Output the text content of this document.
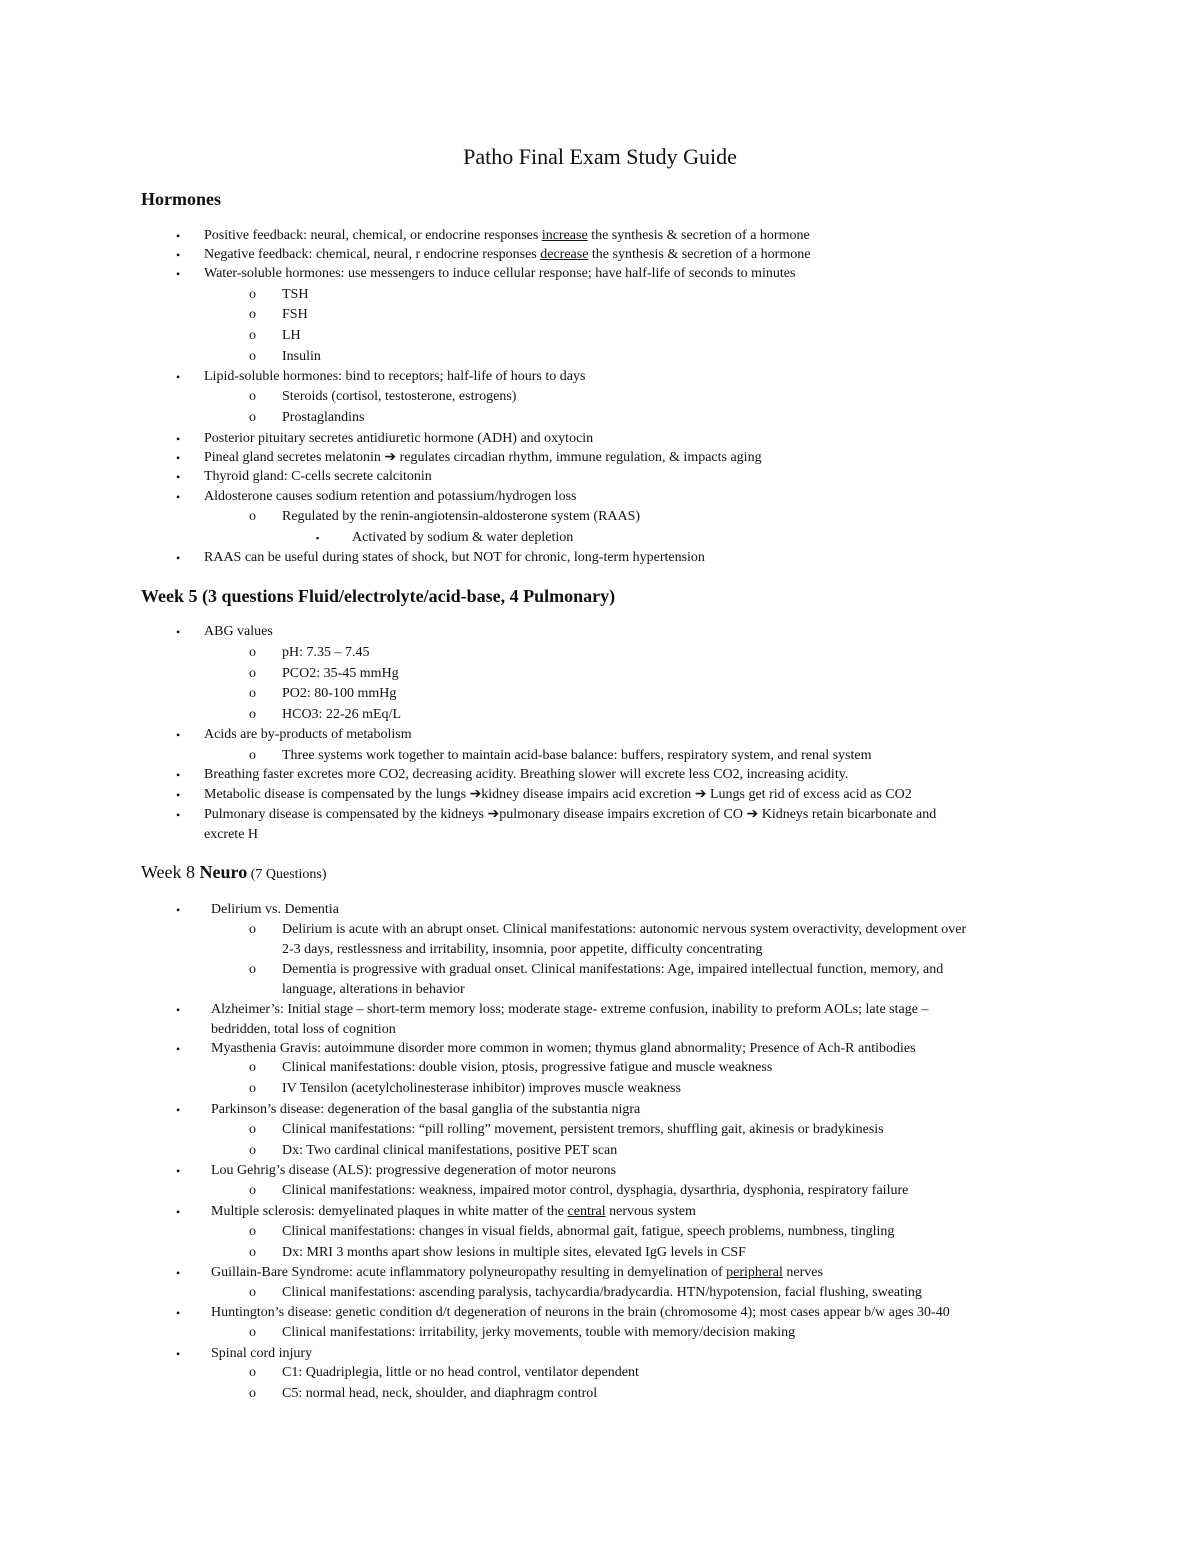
Patho Final Exam Study Guide
Hormones
• Positive feedback: neural, chemical, or endocrine responses increase the synthesis & secretion of a hormone
• Negative feedback: chemical, neural, r endocrine responses decrease the synthesis & secretion of a hormone
• Water-soluble hormones: use messengers to induce cellular response; have half-life of seconds to minutes
o TSH
o FSH
o LH
o Insulin
• Lipid-soluble hormones: bind to receptors; half-life of hours to days
o Steroids (cortisol, testosterone, estrogens)
o Prostaglandins
• Posterior pituitary secretes antidiuretic hormone (ADH) and oxytocin
• Pineal gland secretes melatonin ➔ regulates circadian rhythm, immune regulation, & impacts aging
• Thyroid gland: C-cells secrete calcitonin
• Aldosterone causes sodium retention and potassium/hydrogen loss
o Regulated by the renin-angiotensin-aldosterone system (RAAS)
▪ Activated by sodium & water depletion
• RAAS can be useful during states of shock, but NOT for chronic, long-term hypertension
Week 5 (3 questions Fluid/electrolyte/acid-base, 4 Pulmonary)
• ABG values
o pH: 7.35 – 7.45
o PCO2: 35-45 mmHg
o PO2: 80-100 mmHg
o HCO3: 22-26 mEq/L
• Acids are by-products of metabolism
o Three systems work together to maintain acid-base balance: buffers, respiratory system, and renal system
• Breathing faster excretes more CO2, decreasing acidity. Breathing slower will excrete less CO2, increasing acidity.
• Metabolic disease is compensated by the lungs ➔kidney disease impairs acid excretion ➔ Lungs get rid of excess acid as CO2
• Pulmonary disease is compensated by the kidneys ➔pulmonary disease impairs excretion of CO ➔ Kidneys retain bicarbonate and
excrete H
Week 8 Neuro (7 Questions)
• Delirium vs. Dementia
o Delirium is acute with an abrupt onset. Clinical manifestations: autonomic nervous system overactivity, development over
2-3 days, restlessness and irritability, insomnia, poor appetite, difficulty concentrating
o Dementia is progressive with gradual onset. Clinical manifestations: Age, impaired intellectual function, memory, and
language, alterations in behavior
• Alzheimer’s: Initial stage – short-term memory loss; moderate stage- extreme confusion, inability to preform AOLs; late stage –
bedridden, total loss of cognition
• Myasthenia Gravis: autoimmune disorder more common in women; thymus gland abnormality; Presence of Ach-R antibodies
o Clinical manifestations: double vision, ptosis, progressive fatigue and muscle weakness
o IV Tensilon (acetylcholinesterase inhibitor) improves muscle weakness
• Parkinson’s disease: degeneration of the basal ganglia of the substantia nigra
o Clinical manifestations: “pill rolling” movement, persistent tremors, shuffling gait, akinesis or bradykinesis
o Dx: Two cardinal clinical manifestations, positive PET scan
• Lou Gehrig’s disease (ALS): progressive degeneration of motor neurons
o Clinical manifestations: weakness, impaired motor control, dysphagia, dysarthria, dysphonia, respiratory failure
• Multiple sclerosis: demyelinated plaques in white matter of the central nervous system
o Clinical manifestations: changes in visual fields, abnormal gait, fatigue, speech problems, numbness, tingling
o Dx: MRI 3 months apart show lesions in multiple sites, elevated IgG levels in CSF
• Guillain-Bare Syndrome: acute inflammatory polyneuropathy resulting in demyelination of peripheral nerves
o Clinical manifestations: ascending paralysis, tachycardia/bradycardia. HTN/hypotension, facial flushing, sweating
• Huntington’s disease: genetic condition d/t degeneration of neurons in the brain (chromosome 4); most cases appear b/w ages 30-40
o Clinical manifestations: irritability, jerky movements, touble with memory/decision making
• Spinal cord injury
o C1: Quadriplegia, little or no head control, ventilator dependent
o C5: normal head, neck, shoulder, and diaphragm control
